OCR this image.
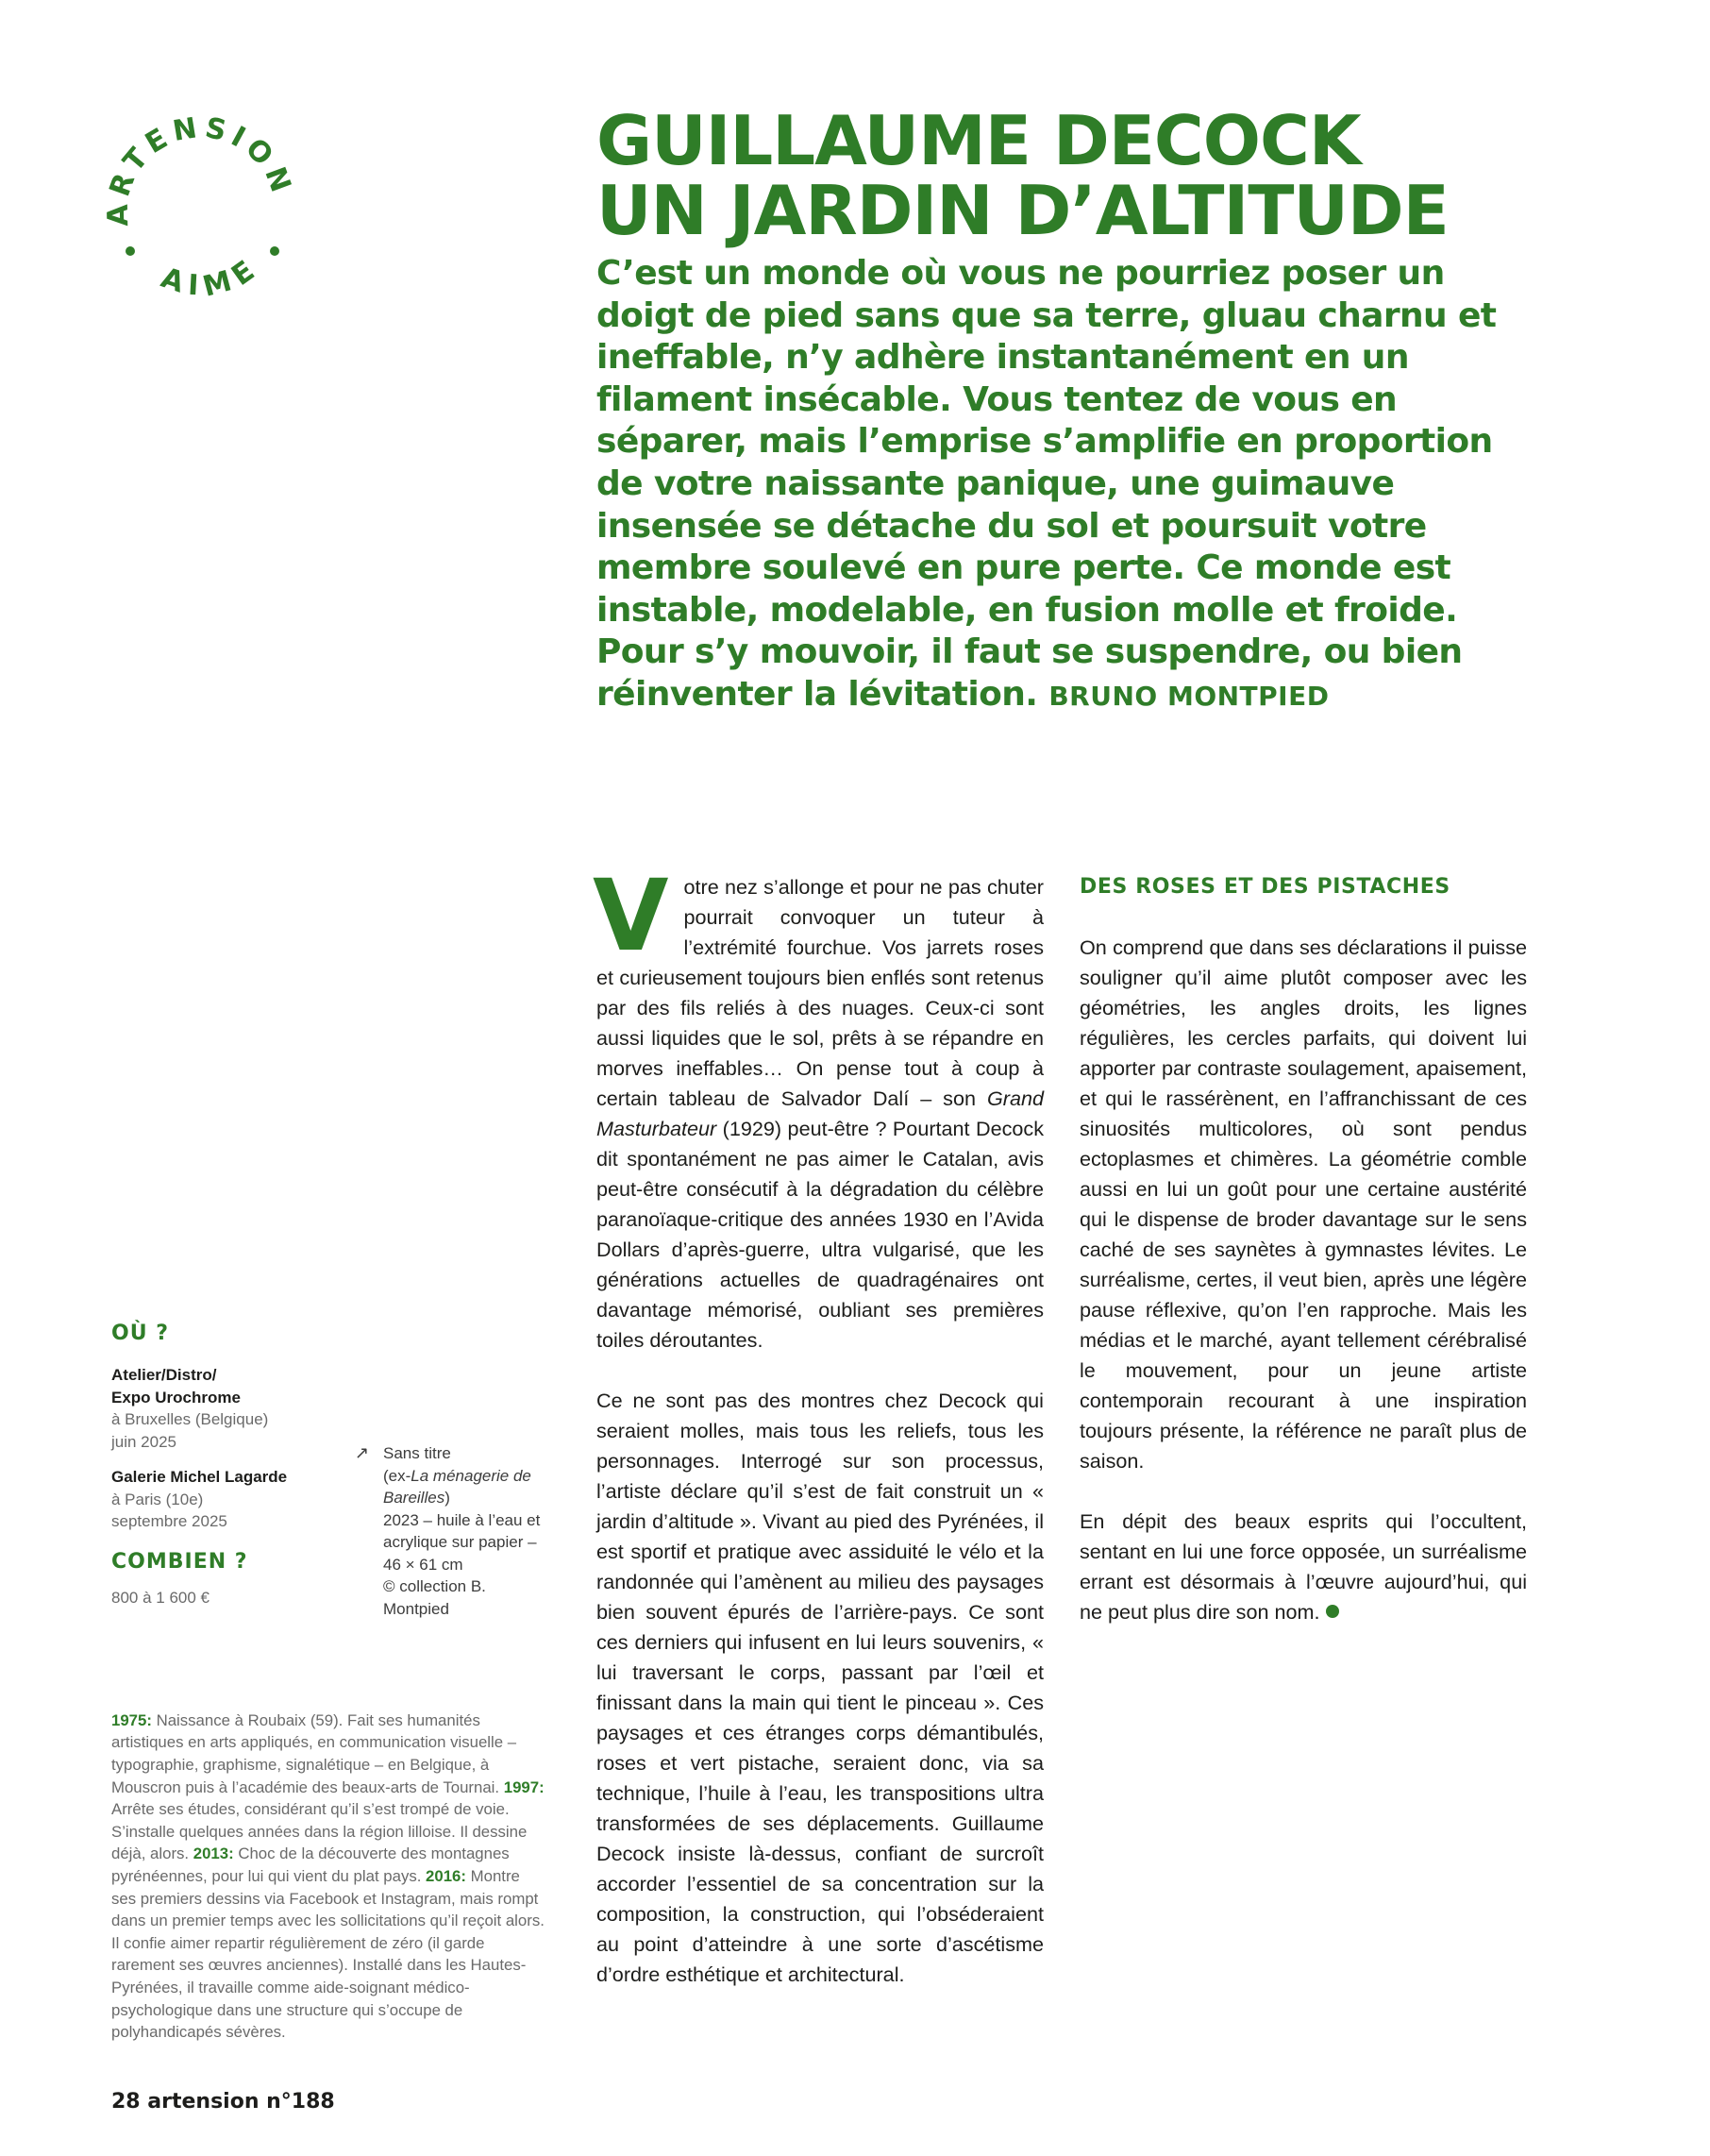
ARTENSION
AIME
GUILLAUME DECOCK
UN JARDIN D’ALTITUDE

C’est un monde où vous ne pourriez poser un doigt de pied sans que sa terre, gluau charnu et ineffable, n’y adhère instantanément en un filament insécable. Vous tentez de vous en séparer, mais l’emprise s’amplifie en proportion de votre naissante panique, une guimauve insensée se détache du sol et poursuit votre membre soulevé en pure perte. Ce monde est instable, modelable, en fusion molle et froide. Pour s’y mouvoir, il faut se suspendre, ou bien réinventer la lévitation. BRUNO MONTPIED

OÙ ?

Atelier/Distro/

Expo Urochrome

à Bruxelles (Belgique)

juin 2025

Galerie Michel Lagarde

à Paris (10e)

septembre 2025

COMBIEN ?

800 à 1 600 €

↗ Sans titre
(ex-La ménagerie de Bareilles)
2023 – huile à l’eau et acrylique sur papier – 46 × 61 cm
© collection B. Montpied

1975: Naissance à Roubaix (59). Fait ses humanités artistiques en arts appliqués, en communication visuelle – typographie, graphisme, signalétique – en Belgique, à Mouscron puis à l’académie des beaux-arts de Tournai. 1997: Arrête ses études, considérant qu’il s’est trompé de voie. S’installe quelques années dans la région lilloise. Il dessine déjà, alors. 2013: Choc de la découverte des montagnes pyrénéennes, pour lui qui vient du plat pays. 2016: Montre ses premiers dessins via Facebook et Instagram, mais rompt dans un premier temps avec les sollicitations qu’il reçoit alors. Il confie aimer repartir régulièrement de zéro (il garde rarement ses œuvres anciennes). Installé dans les Hautes-Pyrénées, il travaille comme aide-soignant médico-psychologique dans une structure qui s’occupe de polyhandicapés sévères.

28 artension n°188

Votre nez s’allonge et pour ne pas chuter pourrait convoquer un tuteur à l’extrémité fourchue. Vos jarrets roses et curieusement toujours bien enflés sont retenus par des fils reliés à des nuages. Ceux-ci sont aussi liquides que le sol, prêts à se répandre en morves ineffables… On pense tout à coup à certain tableau de Salvador Dalí – son Grand Masturbateur (1929) peut-être ? Pourtant Decock dit spontanément ne pas aimer le Catalan, avis peut-être consécutif à la dégradation du célèbre paranoïaque-critique des années 1930 en l’Avida Dollars d’après-guerre, ultra vulgarisé, que les générations actuelles de quadragénaires ont davantage mémorisé, oubliant ses premières toiles déroutantes.

Ce ne sont pas des montres chez Decock qui seraient molles, mais tous les reliefs, tous les personnages. Interrogé sur son processus, l’artiste déclare qu’il s’est de fait construit un « jardin d’altitude ». Vivant au pied des Pyrénées, il est sportif et pratique avec assiduité le vélo et la randonnée qui l’amènent au milieu des paysages bien souvent épurés de l’arrière-pays. Ce sont ces derniers qui infusent en lui leurs souvenirs, « lui traversant le corps, passant par l’œil et finissant dans la main qui tient le pinceau ». Ces paysages et ces étranges corps démantibulés, roses et vert pistache, seraient donc, via sa technique, l’huile à l’eau, les transpositions ultra transformées de ses déplacements. Guillaume Decock insiste là-dessus, confiant de surcroît accorder l’essentiel de sa concentration sur la composition, la construction, qui l’obséderaient au point d’atteindre à une sorte d’ascétisme d’ordre esthétique et architectural.

DES ROSES ET DES PISTACHES

On comprend que dans ses déclarations il puisse souligner qu’il aime plutôt composer avec les géométries, les angles droits, les lignes régulières, les cercles parfaits, qui doivent lui apporter par contraste soulagement, apaisement, et qui le rassérènent, en l’affranchissant de ces sinuosités multicolores, où sont pendus ectoplasmes et chimères. La géométrie comble aussi en lui un goût pour une certaine austérité qui le dispense de broder davantage sur le sens caché de ses saynètes à gymnastes lévites. Le surréalisme, certes, il veut bien, après une légère pause réflexive, qu’on l’en rapproche. Mais les médias et le marché, ayant tellement cérébralisé le mouvement, pour un jeune artiste contemporain recourant à une inspiration toujours présente, la référence ne paraît plus de saison.

En dépit des beaux esprits qui l’occultent, sentant en lui une force opposée, un surréalisme errant est désormais à l’œuvre aujourd’hui, qui ne peut plus dire son nom.
